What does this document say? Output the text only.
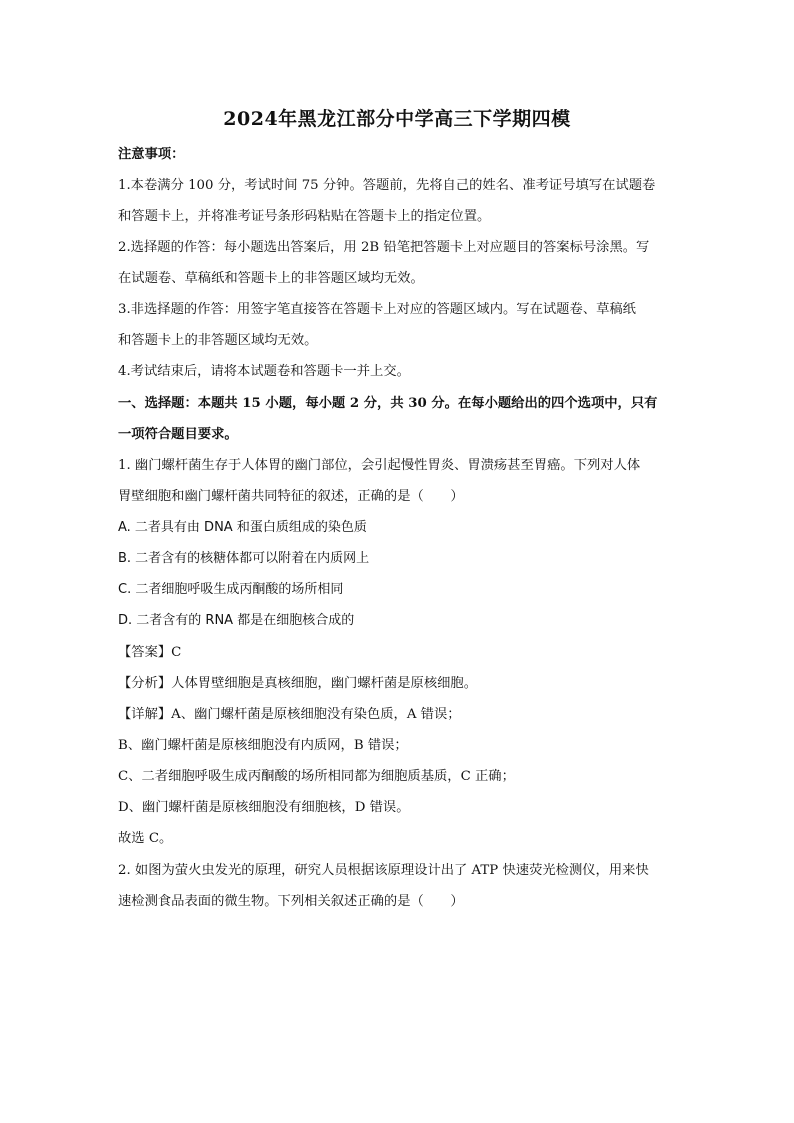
2024年黑龙江部分中学高三下学期四模
注意事项：
1.本卷满分 100 分，考试时间 75 分钟。答题前，先将自己的姓名、准考证号填写在试题卷
和答题卡上，并将准考证号条形码粘贴在答题卡上的指定位置。
2.选择题的作答：每小题选出答案后，用 2B 铅笔把答题卡上对应题目的答案标号涂黑。写
在试题卷、草稿纸和答题卡上的非答题区域均无效。
3.非选择题的作答：用签字笔直接答在答题卡上对应的答题区域内。写在试题卷、草稿纸
和答题卡上的非答题区域均无效。
4.考试结束后，请将本试题卷和答题卡一并上交。
一、选择题：本题共 15 小题，每小题 2 分，共 30 分。在每小题给出的四个选项中，只有
一项符合题目要求。
1. 幽门螺杆菌生存于人体胃的幽门部位，会引起慢性胃炎、胃溃疡甚至胃癌。下列对人体
胃壁细胞和幽门螺杆菌共同特征的叙述，正确的是（　　）
A. 二者具有由 DNA 和蛋白质组成的染色质
B. 二者含有的核糖体都可以附着在内质网上
C. 二者细胞呼吸生成丙酮酸的场所相同
D. 二者含有的 RNA 都是在细胞核合成的
【答案】C
【分析】人体胃壁细胞是真核细胞，幽门螺杆菌是原核细胞。
【详解】A、幽门螺杆菌是原核细胞没有染色质，A 错误；
B、幽门螺杆菌是原核细胞没有内质网，B 错误；
C、二者细胞呼吸生成丙酮酸的场所相同都为细胞质基质，C 正确；
D、幽门螺杆菌是原核细胞没有细胞核，D 错误。
故选 C。
2. 如图为萤火虫发光的原理，研究人员根据该原理设计出了 ATP 快速荧光检测仪，用来快
速检测食品表面的微生物。下列相关叙述正确的是（　　）
